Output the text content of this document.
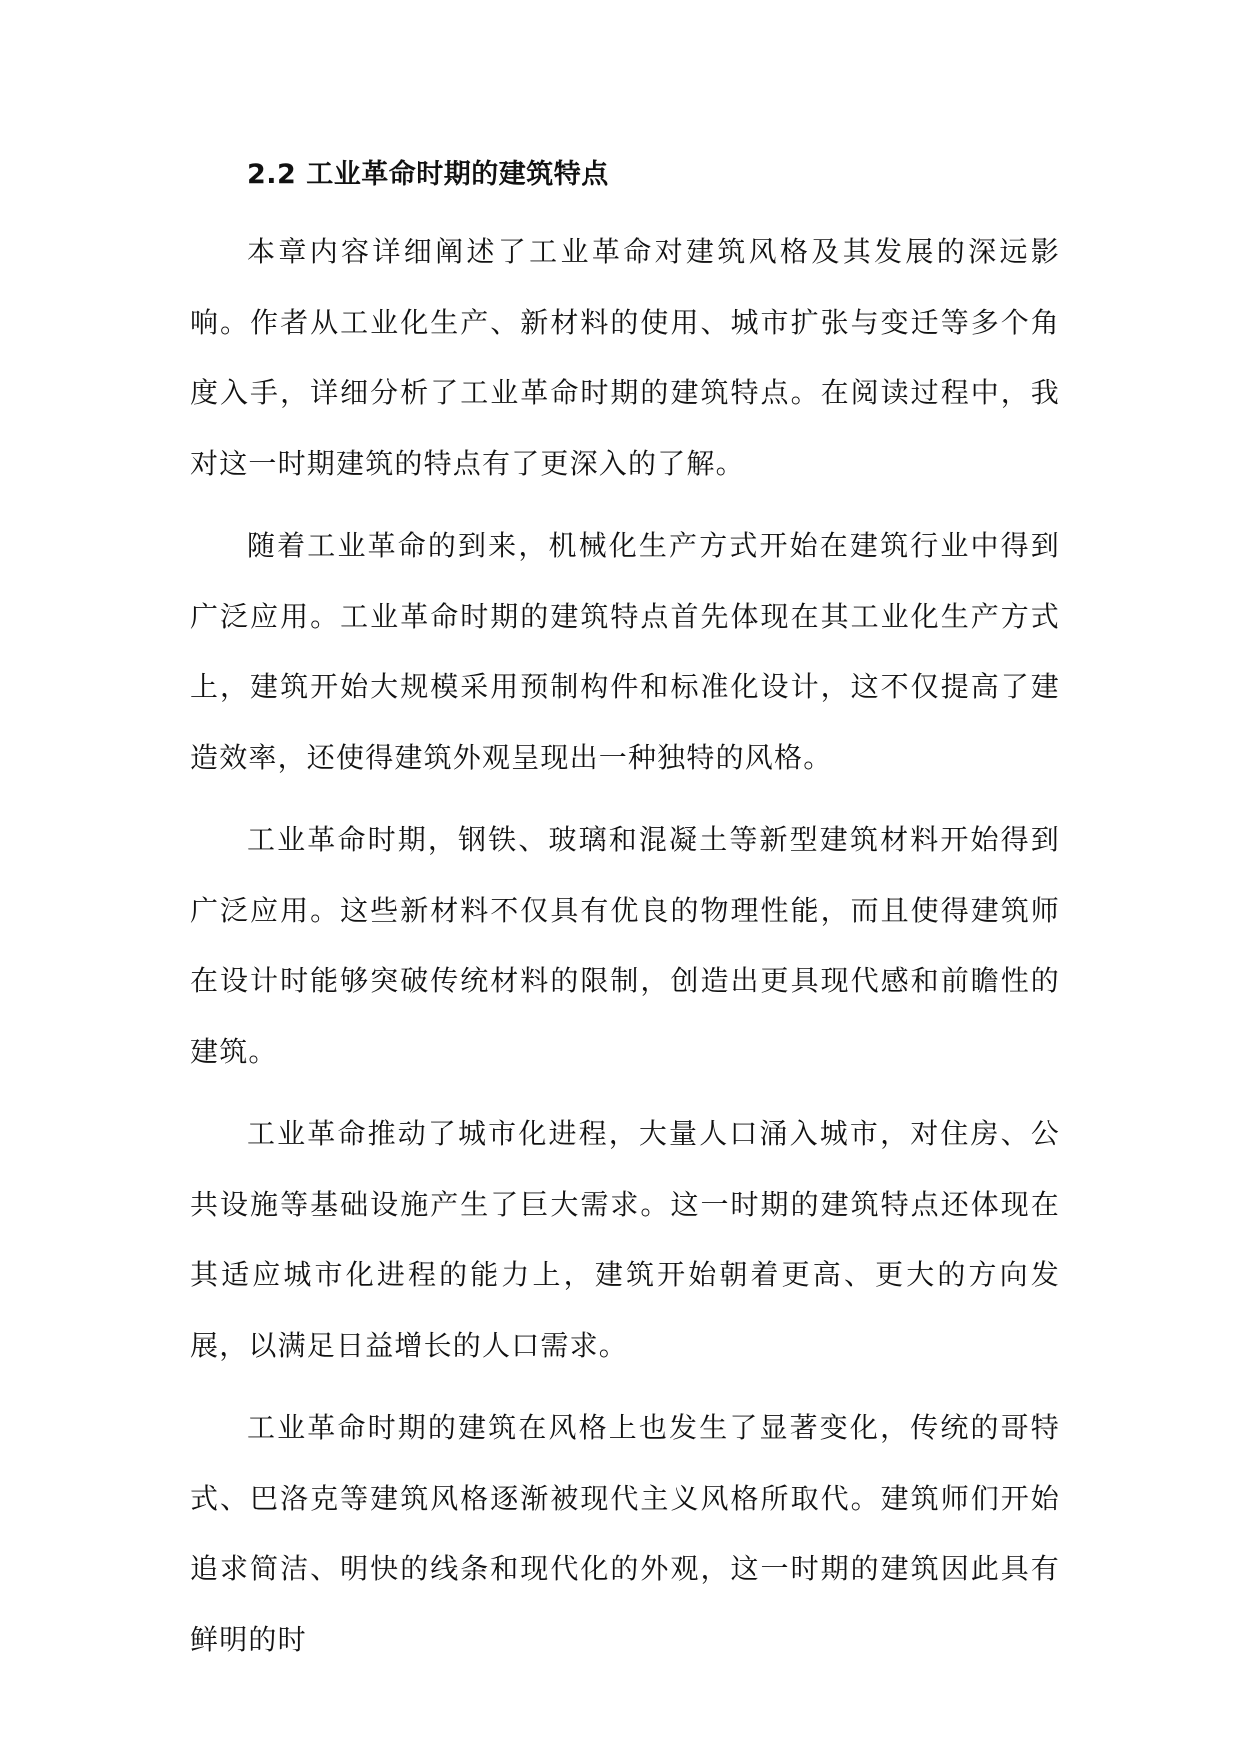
2.2 工业革命时期的建筑特点

本章内容详细阐述了工业革命对建筑风格及其发展的深远影响。作者从工业化生产、新材料的使用、城市扩张与变迁等多个角度入手，详细分析了工业革命时期的建筑特点。在阅读过程中，我对这一时期建筑的特点有了更深入的了解。

随着工业革命的到来，机械化生产方式开始在建筑行业中得到广泛应用。工业革命时期的建筑特点首先体现在其工业化生产方式上，建筑开始大规模采用预制构件和标准化设计，这不仅提高了建造效率，还使得建筑外观呈现出一种独特的风格。

工业革命时期，钢铁、玻璃和混凝土等新型建筑材料开始得到广泛应用。这些新材料不仅具有优良的物理性能，而且使得建筑师在设计时能够突破传统材料的限制，创造出更具现代感和前瞻性的建筑。

工业革命推动了城市化进程，大量人口涌入城市，对住房、公共设施等基础设施产生了巨大需求。这一时期的建筑特点还体现在其适应城市化进程的能力上，建筑开始朝着更高、更大的方向发展，以满足日益增长的人口需求。

工业革命时期的建筑在风格上也发生了显著变化，传统的哥特式、巴洛克等建筑风格逐渐被现代主义风格所取代。建筑师们开始追求简洁、明快的线条和现代化的外观，这一时期的建筑因此具有鲜明的时
